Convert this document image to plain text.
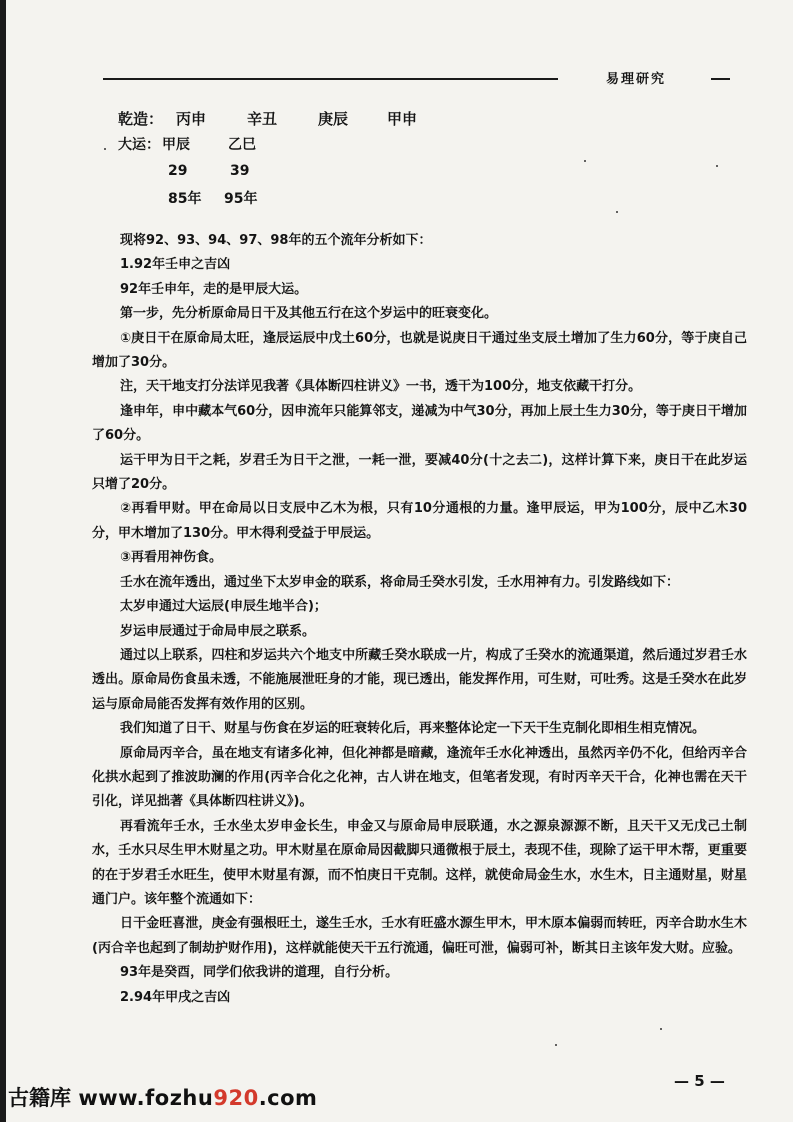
易理研究
乾造： 丙申	辛丑	庚辰	甲申
大运： 甲辰	乙巳
29	39
85年 95年

现将92、93、94、97、98年的五个流年分析如下：

1.92年壬申之吉凶

92年壬申年，走的是甲辰大运。

第一步，先分析原命局日干及其他五行在这个岁运中的旺衰变化。

①庚日干在原命局太旺，逢辰运辰中戊土60分，也就是说庚日干通过坐支辰土增加了生力60分，等于庚自己增加了30分。

注，天干地支打分法详见我著《具体断四柱讲义》一书，透干为100分，地支依藏干打分。

逢申年，申中藏本气60分，因申流年只能算邻支，递减为中气30分，再加上辰土生力30分，等于庚日干增加了60分。

运干甲为日干之耗，岁君壬为日干之泄，一耗一泄，要减40分(十之去二)，这样计算下来，庚日干在此岁运只增了20分。

②再看甲财。甲在命局以日支辰中乙木为根，只有10分通根的力量。逢甲辰运，甲为100分，辰中乙木30分，甲木增加了130分。甲木得利受益于甲辰运。

③再看用神伤食。

壬水在流年透出，通过坐下太岁申金的联系，将命局壬癸水引发，壬水用神有力。引发路线如下：

太岁申通过大运辰(申辰生地半合)；

岁运申辰通过于命局申辰之联系。

通过以上联系，四柱和岁运共六个地支中所藏壬癸水联成一片，构成了壬癸水的流通渠道，然后通过岁君壬水透出。原命局伤食虽未透，不能施展泄旺身的才能，现已透出，能发挥作用，可生财，可吐秀。这是壬癸水在此岁运与原命局能否发挥有效作用的区别。

我们知道了日干、财星与伤食在岁运的旺衰转化后，再来整体论定一下天干生克制化即相生相克情况。

原命局丙辛合，虽在地支有诸多化神，但化神都是暗藏，逢流年壬水化神透出，虽然丙辛仍不化，但给丙辛合化拱水起到了推波助澜的作用(丙辛合化之化神，古人讲在地支，但笔者发现，有时丙辛天干合，化神也需在天干引化，详见拙著《具体断四柱讲义》)。

再看流年壬水，壬水坐太岁申金长生，申金又与原命局申辰联通，水之源泉源源不断，且天干又无戊己土制水，壬水只尽生甲木财星之功。甲木财星在原命局因截脚只通微根于辰土，表现不佳，现除了运干甲木帮，更重要的在于岁君壬水旺生，使甲木财星有源，而不怕庚日干克制。这样，就使命局金生水，水生木，日主通财星，财星通门户。该年整个流通如下：

日干金旺喜泄，庚金有强根旺土，遂生壬水，壬水有旺盛水源生甲木，甲木原本偏弱而转旺，丙辛合助水生木(丙合辛也起到了制劫护财作用)，这样就能使天干五行流通，偏旺可泄，偏弱可补，断其日主该年发大财。应验。

93年是癸酉，同学们依我讲的道理，自行分析。

2.94年甲戌之吉凶

— 5 —
古籍库 www.fozhu920.com
